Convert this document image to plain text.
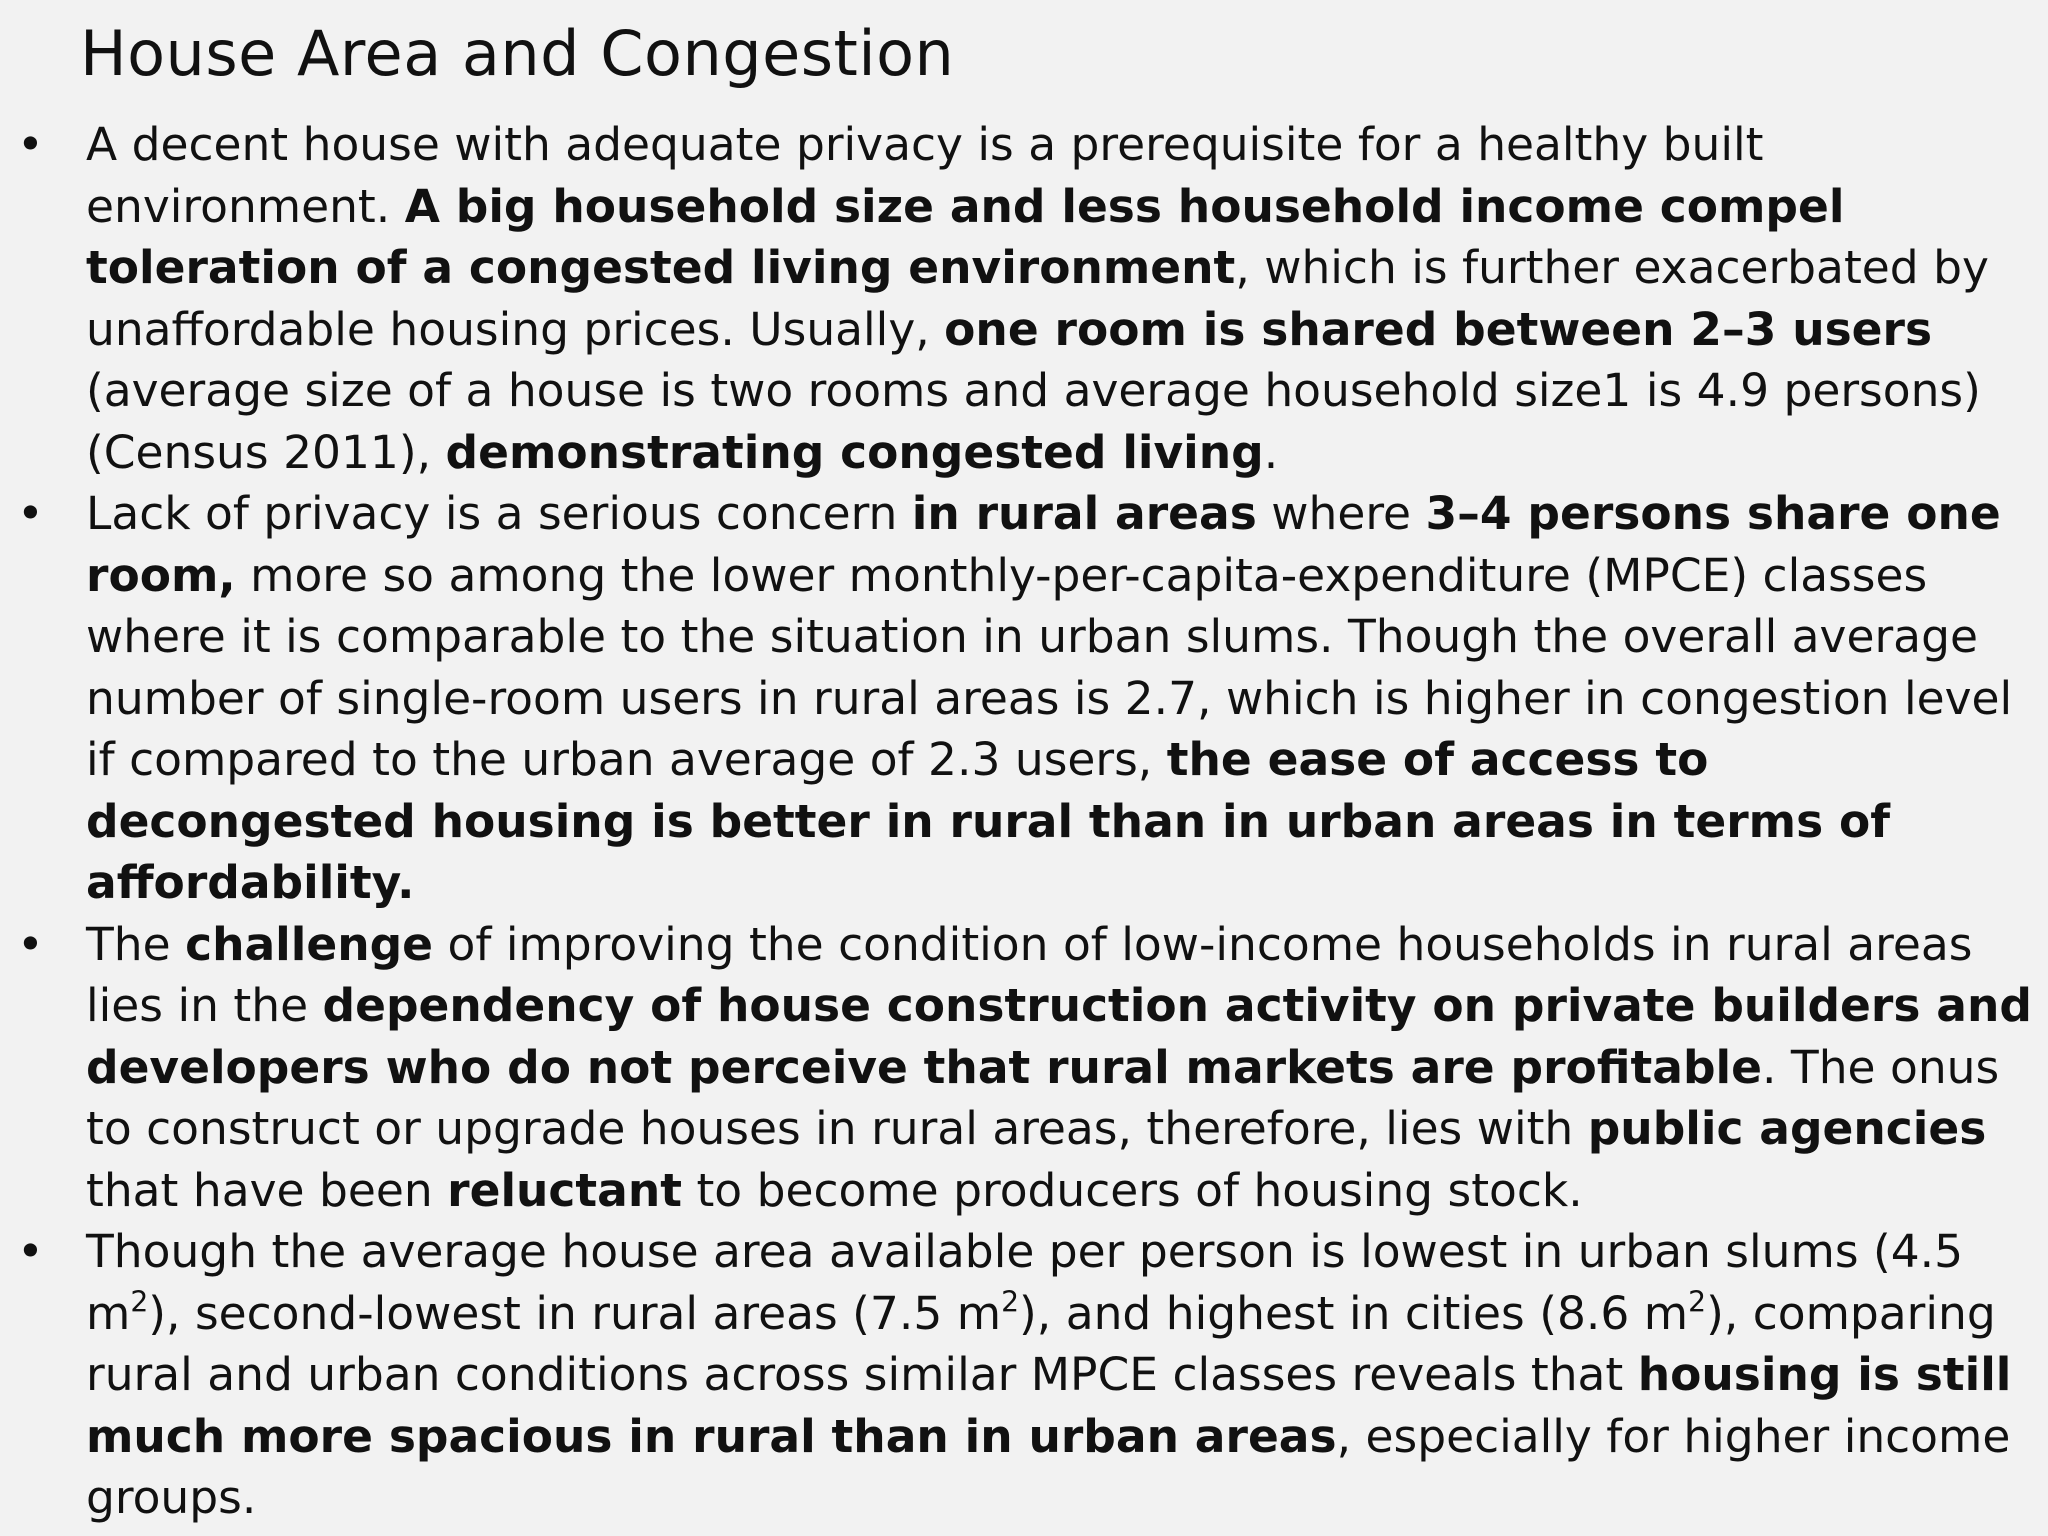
House Area and Congestion
• A decent house with adequate privacy is a prerequisite for a healthy built environment. A big household size and less household income compel toleration of a congested living environment, which is further exacerbated by unaffordable housing prices. Usually, one room is shared between 2–3 users (average size of a house is two rooms and average household size1 is 4.9 persons) (Census 2011), demonstrating congested living.
• Lack of privacy is a serious concern in rural areas where 3–4 persons share one room, more so among the lower monthly-per-capita-expenditure (MPCE) classes where it is comparable to the situation in urban slums. Though the overall average number of single-room users in rural areas is 2.7, which is higher in congestion level if compared to the urban average of 2.3 users, the ease of access to decongested housing is better in rural than in urban areas in terms of affordability.
• The challenge of improving the condition of low-income households in rural areas lies in the dependency of house construction activity on private builders and developers who do not perceive that rural markets are profitable. The onus to construct or upgrade houses in rural areas, therefore, lies with public agencies that have been reluctant to become producers of housing stock.
• Though the average house area available per person is lowest in urban slums (4.5 $m^2$), second-lowest in rural areas (7.5 $m^2$), and highest in cities (8.6 $m^2$), comparing rural and urban conditions across similar MPCE classes reveals that housing is still much more spacious in rural than in urban areas, especially for higher income groups.
